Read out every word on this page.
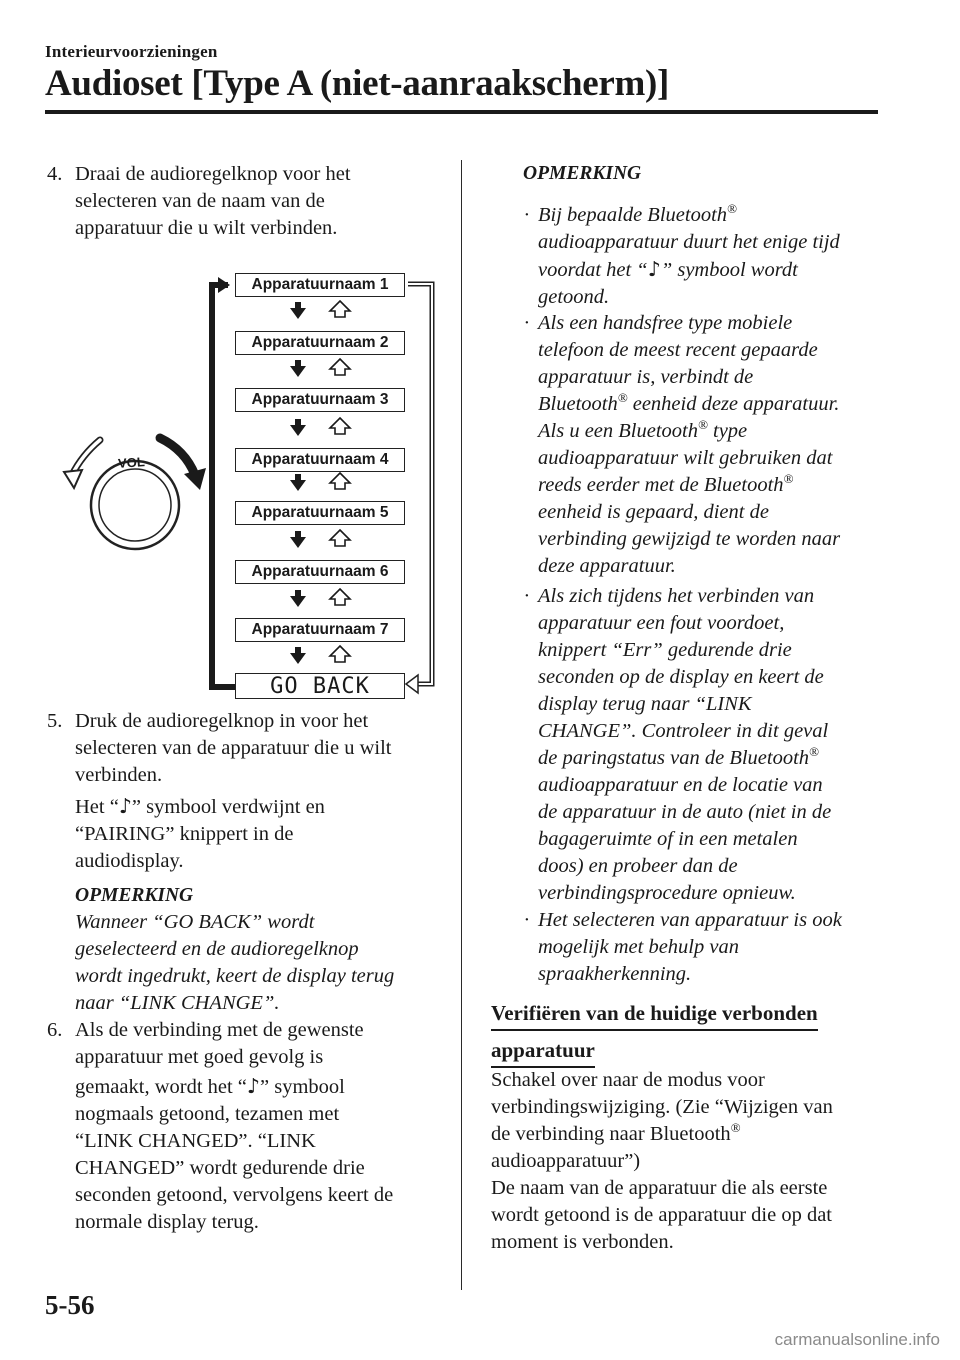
Interieurvoorzieningen
Audioset [Type A (niet-aanraakscherm)]
4. Draai de audioregelknop voor het
selecteren van de naam van de
apparatuur die u wilt verbinden.
VOL
Apparatuurnaam 1
Apparatuurnaam 2
Apparatuurnaam 3
Apparatuurnaam 4
Apparatuurnaam 5
Apparatuurnaam 6
Apparatuurnaam 7
GO BACK
5. Druk de audioregelknop in voor het
selecteren van de apparatuur die u wilt
verbinden.
Het “♪” symbool verdwijnt en
“PAIRING” knippert in de
audiodisplay.
OPMERKING
Wanneer “GO BACK” wordt
geselecteerd en de audioregelknop
wordt ingedrukt, keert de display terug
naar “LINK CHANGE”.
6. Als de verbinding met de gewenste
apparatuur met goed gevolg is
gemaakt, wordt het “♪” symbool
nogmaals getoond, tezamen met
“LINK CHANGED”. “LINK
CHANGED” wordt gedurende drie
seconden getoond, vervolgens keert de
normale display terug.
OPMERKING
· Bij bepaalde Bluetooth®
audioapparatuur duurt het enige tijd
voordat het “♪” symbool wordt
getoond.
· Als een handsfree type mobiele
telefoon de meest recent gepaarde
apparatuur is, verbindt de
Bluetooth® eenheid deze apparatuur.
Als u een Bluetooth® type
audioapparatuur wilt gebruiken dat
reeds eerder met de Bluetooth®
eenheid is gepaard, dient de
verbinding gewijzigd te worden naar
deze apparatuur.
· Als zich tijdens het verbinden van
apparatuur een fout voordoet,
knippert “Err” gedurende drie
seconden op de display en keert de
display terug naar “LINK
CHANGE”. Controleer in dit geval
de paringstatus van de Bluetooth®
audioapparatuur en de locatie van
de apparatuur in de auto (niet in de
bagageruimte of in een metalen
doos) en probeer dan de
verbindingsprocedure opnieuw.
· Het selecteren van apparatuur is ook
mogelijk met behulp van
spraakherkenning.
Verifiëren van de huidige verbonden
apparatuur
Schakel over naar de modus voor
verbindingswijziging. (Zie “Wijzigen van
de verbinding naar Bluetooth®
audioapparatuur”)
De naam van de apparatuur die als eerste
wordt getoond is de apparatuur die op dat
moment is verbonden.
5-56
carmanualsonline.info
